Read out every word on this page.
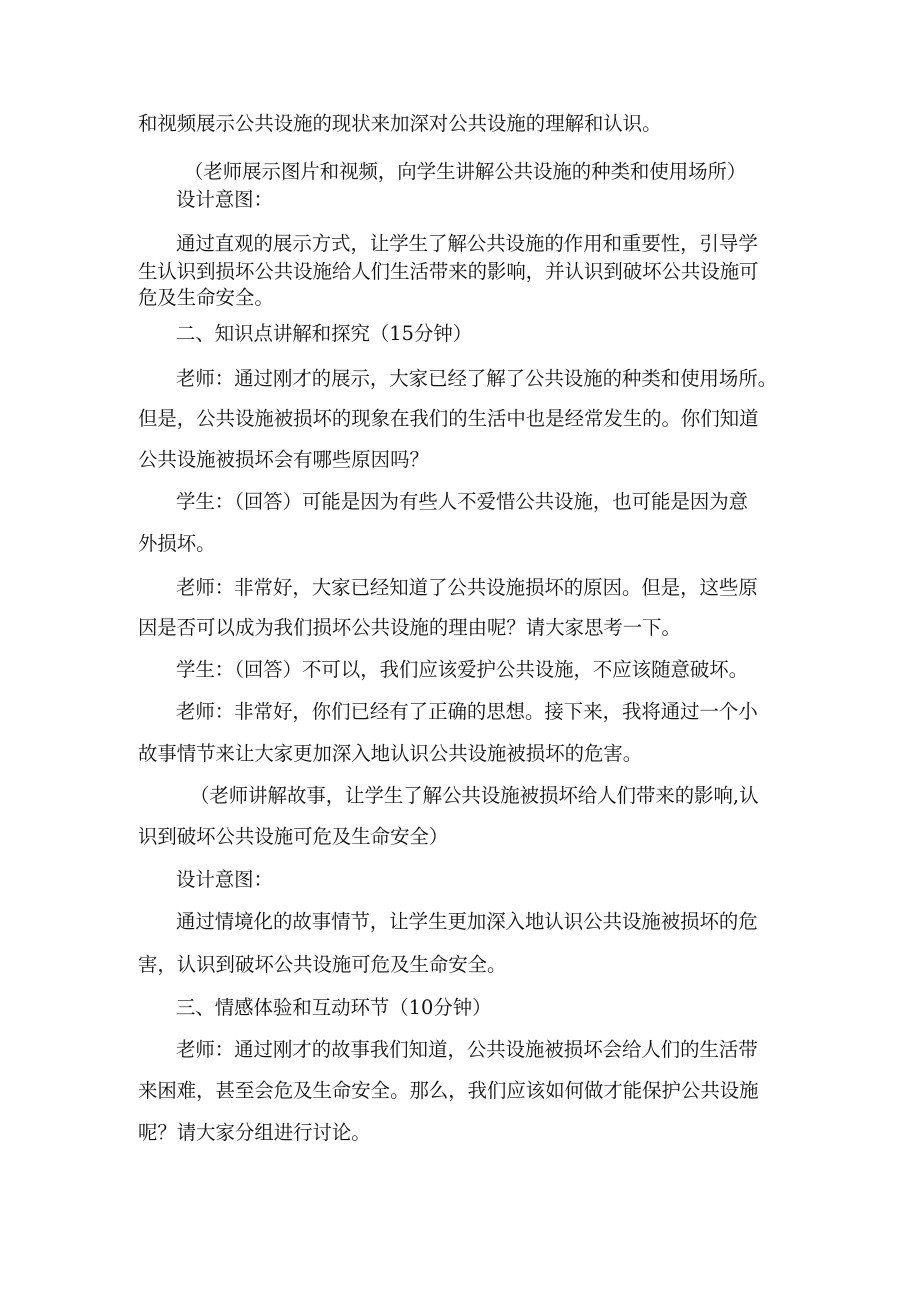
和视频展示公共设施的现状来加深对公共设施的理解和认识。

（老师展示图片和视频，向学生讲解公共设施的种类和使用场所）

设计意图：

通过直观的展示方式，让学生了解公共设施的作用和重要性，引导学

生认识到损坏公共设施给人们生活带来的影响，并认识到破坏公共设施可

危及生命安全。

二、知识点讲解和探究（15分钟）

老师：通过刚才的展示，大家已经了解了公共设施的种类和使用场所。

但是，公共设施被损坏的现象在我们的生活中也是经常发生的。你们知道

公共设施被损坏会有哪些原因吗？

学生：（回答）可能是因为有些人不爱惜公共设施，也可能是因为意

外损坏。

老师：非常好，大家已经知道了公共设施损坏的原因。但是，这些原

因是否可以成为我们损坏公共设施的理由呢？请大家思考一下。

学生：（回答）不可以，我们应该爱护公共设施，不应该随意破坏。

老师：非常好，你们已经有了正确的思想。接下来，我将通过一个小

故事情节来让大家更加深入地认识公共设施被损坏的危害。

（老师讲解故事，让学生了解公共设施被损坏给人们带来的影响,认

识到破坏公共设施可危及生命安全）

设计意图：

通过情境化的故事情节，让学生更加深入地认识公共设施被损坏的危

害，认识到破坏公共设施可危及生命安全。

三、情感体验和互动环节（10分钟）

老师：通过刚才的故事我们知道，公共设施被损坏会给人们的生活带

来困难，甚至会危及生命安全。那么，我们应该如何做才能保护公共设施

呢？请大家分组进行讨论。
